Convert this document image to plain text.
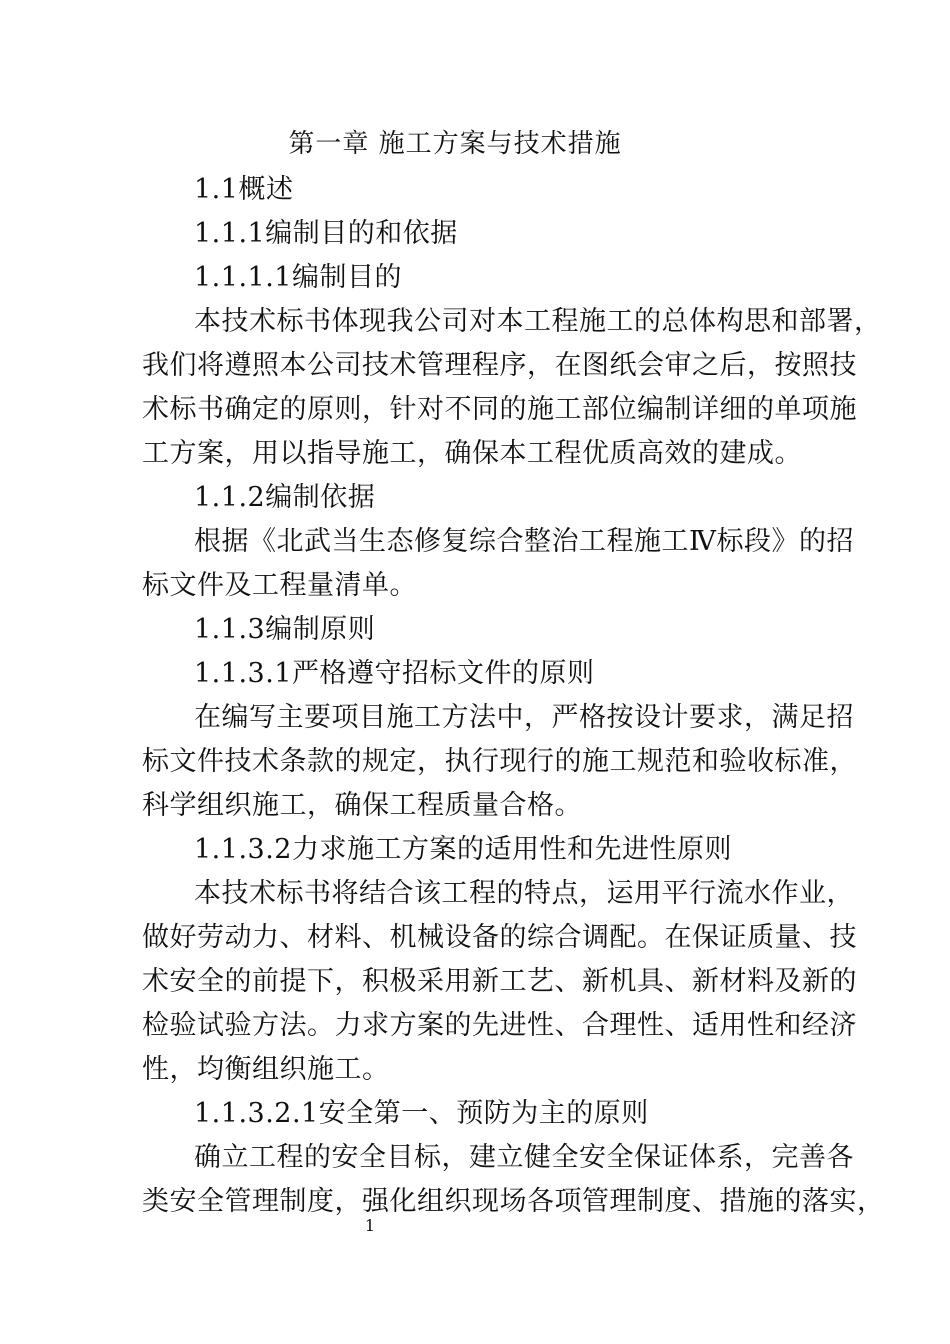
第一章 施工方案与技术措施
1.1概述
1.1.1编制目的和依据
1.1.1.1编制目的
本技术标书体现我公司对本工程施工的总体构思和部署，
我们将遵照本公司技术管理程序，在图纸会审之后，按照技
术标书确定的原则，针对不同的施工部位编制详细的单项施
工方案，用以指导施工，确保本工程优质高效的建成。
1.1.2编制依据
根据《北武当生态修复综合整治工程施工Ⅳ标段》的招
标文件及工程量清单。
1.1.3编制原则
1.1.3.1严格遵守招标文件的原则
在编写主要项目施工方法中，严格按设计要求，满足招
标文件技术条款的规定，执行现行的施工规范和验收标准，
科学组织施工，确保工程质量合格。
1.1.3.2力求施工方案的适用性和先进性原则
本技术标书将结合该工程的特点，运用平行流水作业，
做好劳动力、材料、机械设备的综合调配。在保证质量、技
术安全的前提下，积极采用新工艺、新机具、新材料及新的
检验试验方法。力求方案的先进性、合理性、适用性和经济
性，均衡组织施工。
1.1.3.2.1安全第一、预防为主的原则
确立工程的安全目标，建立健全安全保证体系，完善各
类安全管理制度，强化组织现场各项管理制度、措施的落实，
1
